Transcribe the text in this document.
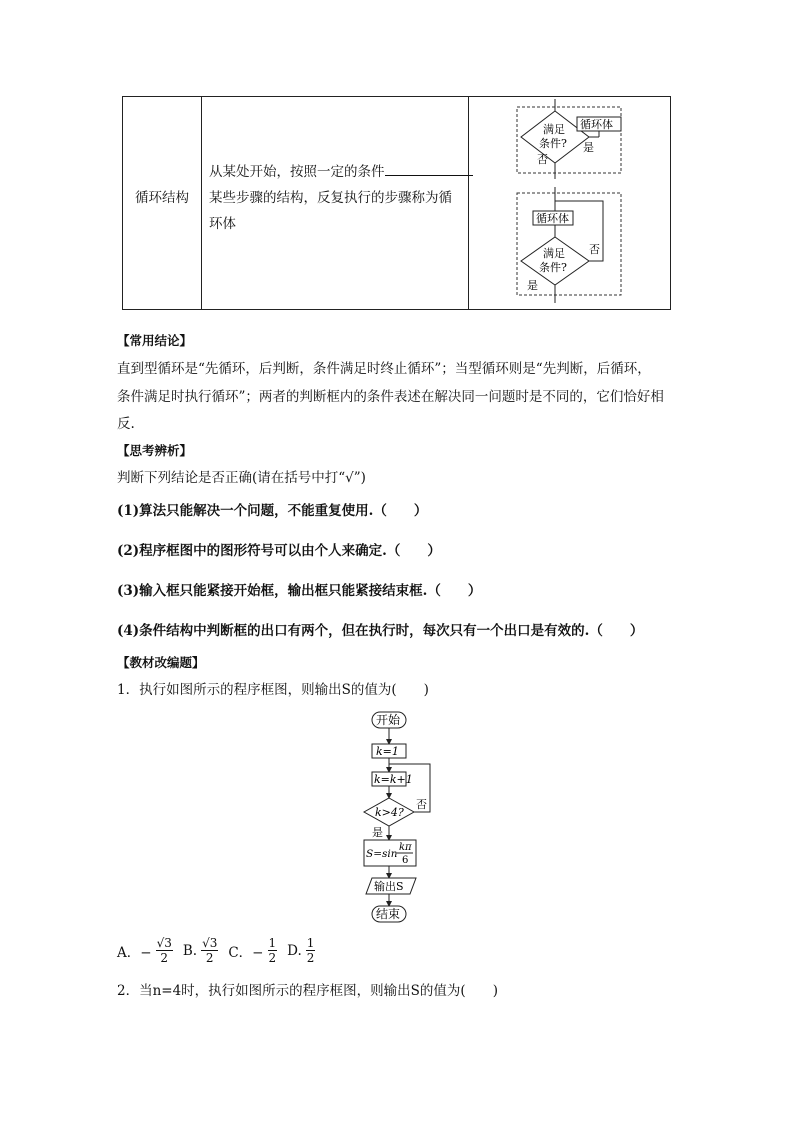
循环结构
从某处开始，按照一定的条件
某些步骤的结构，反复执行的步骤称为循
环体
满足
条件? 是
循环体
否
循环体
满足
条件?
否
是
【常用结论】
直到型循环是“先循环，后判断，条件满足时终止循环”；当型循环则是“先判断，后循环，
条件满足时执行循环”；两者的判断框内的条件表述在解决同一问题时是不同的，它们恰好相
反.
【思考辨析】
判断下列结论是否正确(请在括号中打“√”)
(1)算法只能解决一个问题，不能重复使用.（　　）
(2)程序框图中的图形符号可以由个人来确定.（　　）
(3)输入框只能紧接开始框，输出框只能紧接结束框.（　　）
(4)条件结构中判断框的出口有两个，但在执行时，每次只有一个出口是有效的.（　　）
【教材改编题】
1．执行如图所示的程序框图，则输出S的值为(　　)
开始
k=1
k=k+1
k>4?
否
是
S=sin
kπ
6
输出S
结束
A．− $\frac{√3}{2} B$. $\frac{√3}{2}$ C．− $\frac{1}{2} D$. $\frac{1}{2}$
2．当n=4时，执行如图所示的程序框图，则输出S的值为(　　)
